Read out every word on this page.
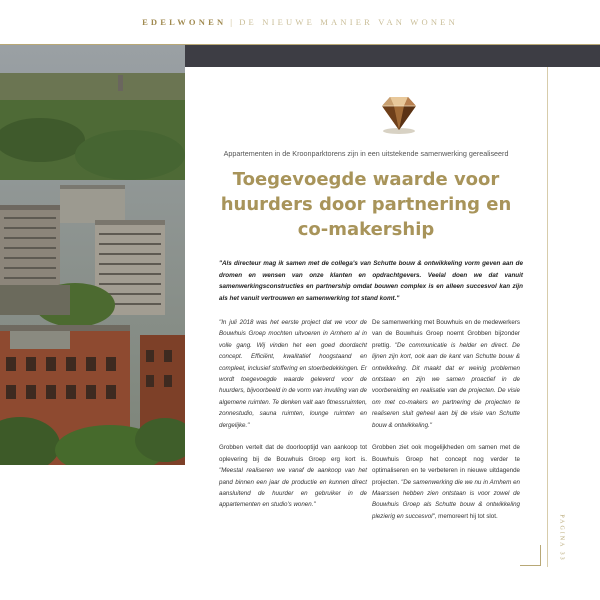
EDELWONEN | DE NIEUWE MANIER VAN WONEN
Appartementen in de Kroonparktorens zijn in een uitstekende samenwerking gerealiseerd
Toegevoegde waarde voor
huurders door partnering en
co-makership
"Als directeur mag ik samen met de collega's van Schutte bouw & ontwikkeling vorm geven aan de dromen en wensen van onze klanten en opdrachtgevers. Veelal doen we dat vanuit samenwerkingsconstructies en partnership omdat bouwen complex is en alleen succesvol kan zijn als het vanuit vertrouwen en samenwerking tot stand komt."

"In juli 2018 was het eerste project dat we voor de Bouwhuis Groep mochten uitvoeren in Arnhem al in volle gang. Wij vinden het een goed doordacht concept. Efficiënt, kwalitatief hoogstaand en compleet, inclusief stoffering en stoerbedekkingen. Er wordt toegevoegde waarde geleverd voor de huurders, bijvoorbeeld in de vorm van invulling van de algemene ruimten. Te denken valt aan fitnessruimten, zonnestudio, sauna ruimten, lounge ruimten en dergelijke."

Grobben vertelt dat de doorlooptijd van aankoop tot oplevering bij de Bouwhuis Groep erg kort is. "Meestal realiseren we vanaf de aankoop van het pand binnen een jaar de productie en kunnen direct aansluitend de huurder en gebruiker in de appartementen en studio's wonen."

De samenwerking met Bouwhuis en de medewerkers van de Bouwhuis Groep noemt Grobben bijzonder prettig. "De communicatie is helder en direct. De lijnen zijn kort, ook aan de kant van Schutte bouw & ontwikkeling. Dit maakt dat er weinig problemen ontstaan en zijn we samen proactief in de voorbereiding en realisatie van de projecten. De visie om met co-makers en partnering de projecten te realiseren sluit geheel aan bij de visie van Schutte bouw & ontwikkeling."

Grobben ziet ook mogelijkheden om samen met de Bouwhuis Groep het concept nog verder te optimaliseren en te verbeteren in nieuwe uitdagende projecten. "De samenwerking die we nu in Arnhem en Maarssen hebben zien ontstaan is voor zowel de Bouwhuis Groep als Schutte bouw & ontwikkeling plezierig en succesvol", memoreert hij tot slot.	PAGINA 33
